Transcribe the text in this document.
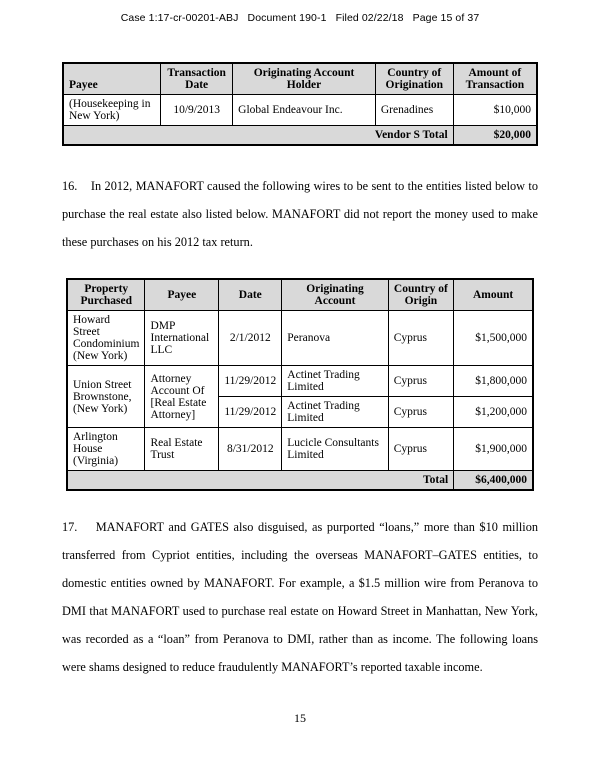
Case 1:17-cr-00201-ABJ   Document 190-1   Filed 02/22/18   Page 15 of 37
Payee	Transaction Date	Originating Account Holder	Country of Origination	Amount of Transaction
(Housekeeping in New York)	10/9/2013	Global Endeavour Inc.	Grenadines	$10,000
Vendor S Total				$20,000

16.    In 2012, MANAFORT caused the following wires to be sent to the entities listed below to purchase the real estate also listed below. MANAFORT did not report the money used to make these purchases on his 2012 tax return.

Property Purchased	Payee	Date	Originating Account	Country of Origin	Amount
Howard Street Condominium (New York)	DMP International LLC	2/1/2012	Peranova	Cyprus	$1,500,000
Union Street Brownstone, (New York)	Attorney Account Of [Real Estate Attorney]	11/29/2012	Actinet Trading Limited	Cyprus	$1,800,000
		11/29/2012	Actinet Trading Limited	Cyprus	$1,200,000
Arlington House (Virginia)	Real Estate Trust	8/31/2012	Lucicle Consultants Limited	Cyprus	$1,900,000
Total					$6,400,000

17.    MANAFORT and GATES also disguised, as purported “loans,” more than $10 million transferred from Cypriot entities, including the overseas MANAFORT–GATES entities, to domestic entities owned by MANAFORT. For example, a $1.5 million wire from Peranova to DMI that MANAFORT used to purchase real estate on Howard Street in Manhattan, New York, was recorded as a “loan” from Peranova to DMI, rather than as income. The following loans were shams designed to reduce fraudulently MANAFORT’s reported taxable income.

15
